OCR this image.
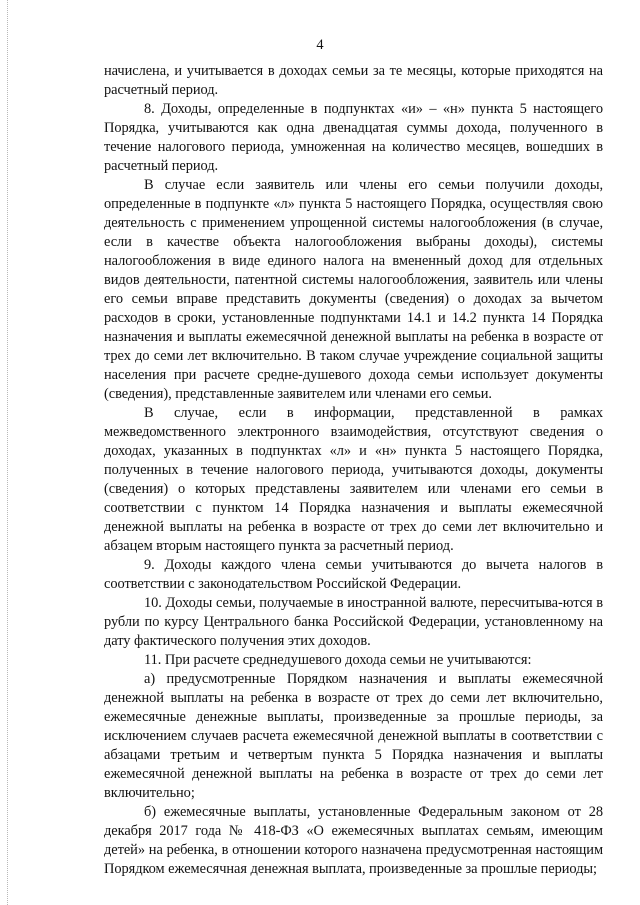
4

начислена, и учитывается в доходах семьи за те месяцы, которые приходятся на расчетный период.

8. Доходы, определенные в подпунктах «и» – «н» пункта 5 настоящего Порядка, учитываются как одна двенадцатая суммы дохода, полученного в течение налогового периода, умноженная на количество месяцев, вошедших в расчетный период.

В случае если заявитель или члены его семьи получили доходы, определенные в подпункте «л» пункта 5 настоящего Порядка, осуществляя свою деятельность с применением упрощенной системы налогообложения (в случае, если в качестве объекта налогообложения выбраны доходы), системы налогообложения в виде единого налога на вмененный доход для отдельных видов деятельности, патентной системы налогообложения, заявитель или члены его семьи вправе представить документы (сведения) о доходах за вычетом расходов в сроки, установленные подпунктами 14.1 и 14.2 пункта 14 Порядка назначения и выплаты ежемесячной денежной выплаты на ребенка в возрасте от трех до семи лет включительно. В таком случае учреждение социальной защиты населения при расчете средне-душевого дохода семьи использует документы (сведения), представленные заявителем или членами его семьи.

В случае, если в информации, представленной в рамках межведомственного электронного взаимодействия, отсутствуют сведения о доходах, указанных в подпунктах «л» и «н» пункта 5 настоящего Порядка, полученных в течение налогового периода, учитываются доходы, документы (сведения) о которых представлены заявителем или членами его семьи в соответствии с пунктом 14 Порядка назначения и выплаты ежемесячной денежной выплаты на ребенка в возрасте от трех до семи лет включительно и абзацем вторым настоящего пункта за расчетный период.

9. Доходы каждого члена семьи учитываются до вычета налогов в соответствии с законодательством Российской Федерации.

10. Доходы семьи, получаемые в иностранной валюте, пересчитыва-ются в рубли по курсу Центрального банка Российской Федерации, установленному на дату фактического получения этих доходов.

11. При расчете среднедушевого дохода семьи не учитываются:

а) предусмотренные Порядком назначения и выплаты ежемесячной денежной выплаты на ребенка в возрасте от трех до семи лет включительно, ежемесячные денежные выплаты, произведенные за прошлые периоды, за исключением случаев расчета ежемесячной денежной выплаты в соответствии с абзацами третьим и четвертым пункта 5 Порядка назначения и выплаты ежемесячной денежной выплаты на ребенка в возрасте от трех до семи лет включительно;

б) ежемесячные выплаты, установленные Федеральным законом от 28 декабря 2017 года № 418-ФЗ «О ежемесячных выплатах семьям, имеющим детей» на ребенка, в отношении которого назначена предусмотренная настоящим Порядком ежемесячная денежная выплата, произведенные за прошлые периоды;
